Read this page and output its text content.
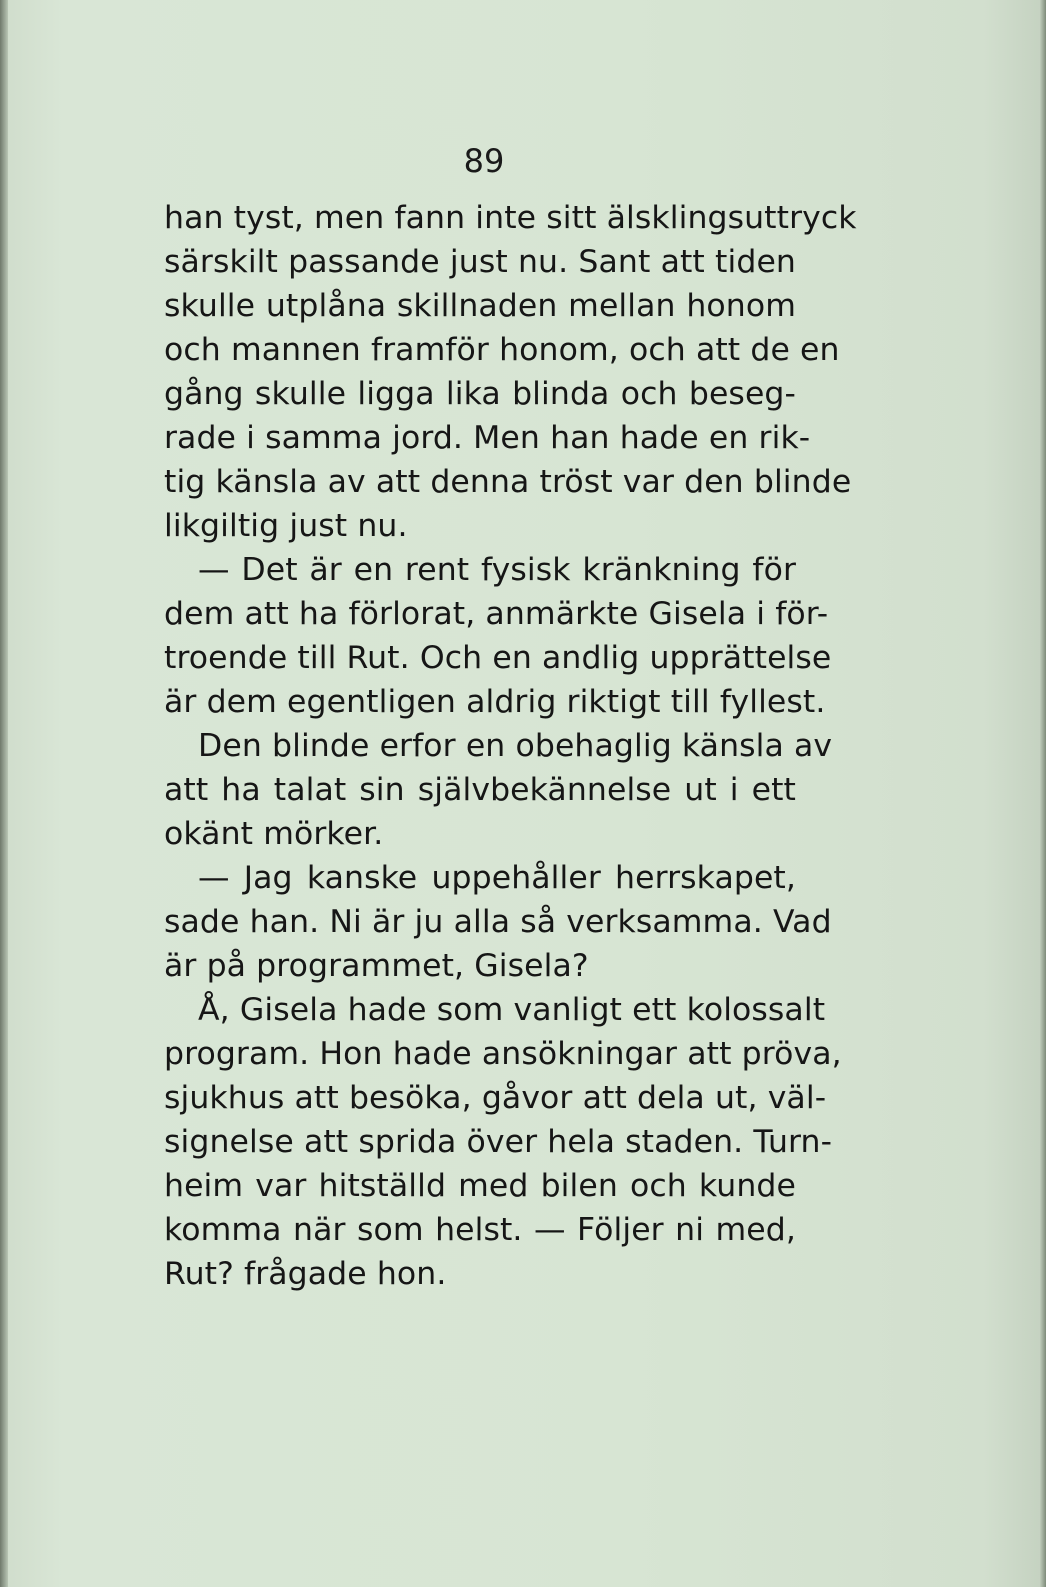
89
han tyst, men fann inte sitt älsklingsuttryck
särskilt passande just nu. Sant att tiden
skulle utplåna skillnaden mellan honom
och mannen framför honom, och att de en
gång skulle ligga lika blinda och beseg-
rade i samma jord. Men han hade en rik-
tig känsla av att denna tröst var den blinde
likgiltig just nu.
— Det är en rent fysisk kränkning för
dem att ha förlorat, anmärkte Gisela i för-
troende till Rut. Och en andlig upprättelse
är dem egentligen aldrig riktigt till fyllest.
Den blinde erfor en obehaglig känsla av
att ha talat sin självbekännelse ut i ett
okänt mörker.
— Jag kanske uppehåller herrskapet,
sade han. Ni är ju alla så verksamma. Vad
är på programmet, Gisela?
Å, Gisela hade som vanligt ett kolossalt
program. Hon hade ansökningar att pröva,
sjukhus att besöka, gåvor att dela ut, väl-
signelse att sprida över hela staden. Turn-
heim var hitställd med bilen och kunde
komma när som helst. — Följer ni med,
Rut? frågade hon.
